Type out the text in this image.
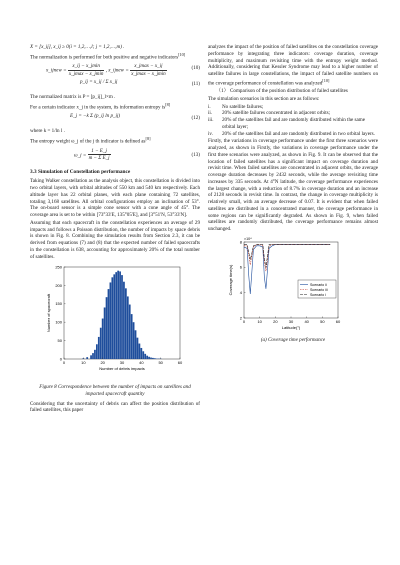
X = [x_ij], x_ij ≥ 0(i = 1,2,…,l; j = 1,2,…,m) .

The normalization is performed for both positive and negative indicators[10]

x_ijnew = $\frac{x\_ij - x\_jmin}{x\_jmax - x\_jmin}$ , x_ijnew = $\frac{x\_jmax - x\_ij}{x\_jmax - x\_jmin}$	(10)
p_ij = x_ij / Σ x_ij	(11)

The normalized matrix is P = [p_ij]_l×m .

For a certain indicator x_j in the system, its information entropy is[8]

E_j = −k Σ (p_ij ln p_ij)	(12)

where k = 1/ln l .

The entropy weight ω_j of the j th indicator is defined as[8]

ω_j = $\frac{1 - E\_j}{\text{m − Σ E\_j}}$	(13)
3.3 Simulation of Constellation performance

Taking Walker constellation as the analysis object, this constellation is divided into two orbital layers, with orbital altitudes of 550 km and 540 km respectively. Each altitude layer has 22 orbital planes, with each plane containing 72 satellites, totaling 3,168 satellites. All orbital configurations employ an inclination of 53°. The on-board sensor is a simple cone sensor with a cone angle of 45°. The coverage area is set to be within [73°33'E, 135°05'E], and [3°51'N, 53°33'N].

Assuming that each spacecraft in the constellation experiences an average of 29 impacts and follows a Poisson distribution, the number of impacts by space debris is shown in Fig. 8. Combining the simulation results from Section 2.3, it can be derived from equations (7) and (8) that the expected number of failed spacecrafts in the constellation is 638, accounting for approximately 20% of the total number of satellites.

0	10	20	30	40	50	60
0
50
100
150
200
250
Number of debris impacts
Number of spacecraft

Figure 8 Correspondence between the number of impacts on satellites and impacted spacecraft quantity

Considering that the uncertainty of debris can affect the position distribution of failed satellites, this paper

analyzes the impact of the position of failed satellites on the constellation coverage performance by integrating three indicators: coverage duration, coverage multiplicity, and maximum revisiting time with the entropy weight method. Additionally, considering that Kessler Syndrome may lead to a higher number of satellite failures in large constellations, the impact of failed satellite numbers on the coverage performance of constellation was analyzed[10]

（1） Comparison of the position distribution of failed satellites

The simulation scenarios in this section are as follows:

i.	No satellite failures;
ii.	20% satellite failures concentrated in adjacent orbits;
iii.	20% of the satellites fail and are randomly distributed within the same orbital layer;
iv.	20% of the satellites fail and are randomly distributed in two orbital layers.

Firstly, the variations in coverage performance under the first three scenarios were analyzed, as shown in Firstly, the variations in coverage performance under the first three scenarios were analyzed, as shown in Fig. 9. It can be observed that the location of failed satellites has a significant impact on coverage duration and revisit time. When failed satellites are concentrated in adjacent orbits, the average coverage duration decreases by 2432 seconds, while the average revisiting time increases by 335 seconds. At 4°N latitude, the coverage performance experiences the largest change, with a reduction of 8.7% in coverage duration and an increase of 2128 seconds in revisit time. In contrast, the change in coverage multiplicity is relatively small, with an average decrease of 0.07. It is evident that when failed satellites are distributed in a concentrated manner, the coverage performance in some regions can be significantly degraded. As shown in Fig. 9, when failed satellites are randomly distributed, the coverage performance remains almost unchanged.

×10⁴
0	10	20	30	40	50	60
2
4
6
8
Latitude(°)
Coverage time(s)	Scenario ii
Scenario iii
Scenario i

(a) Coverage time performance
